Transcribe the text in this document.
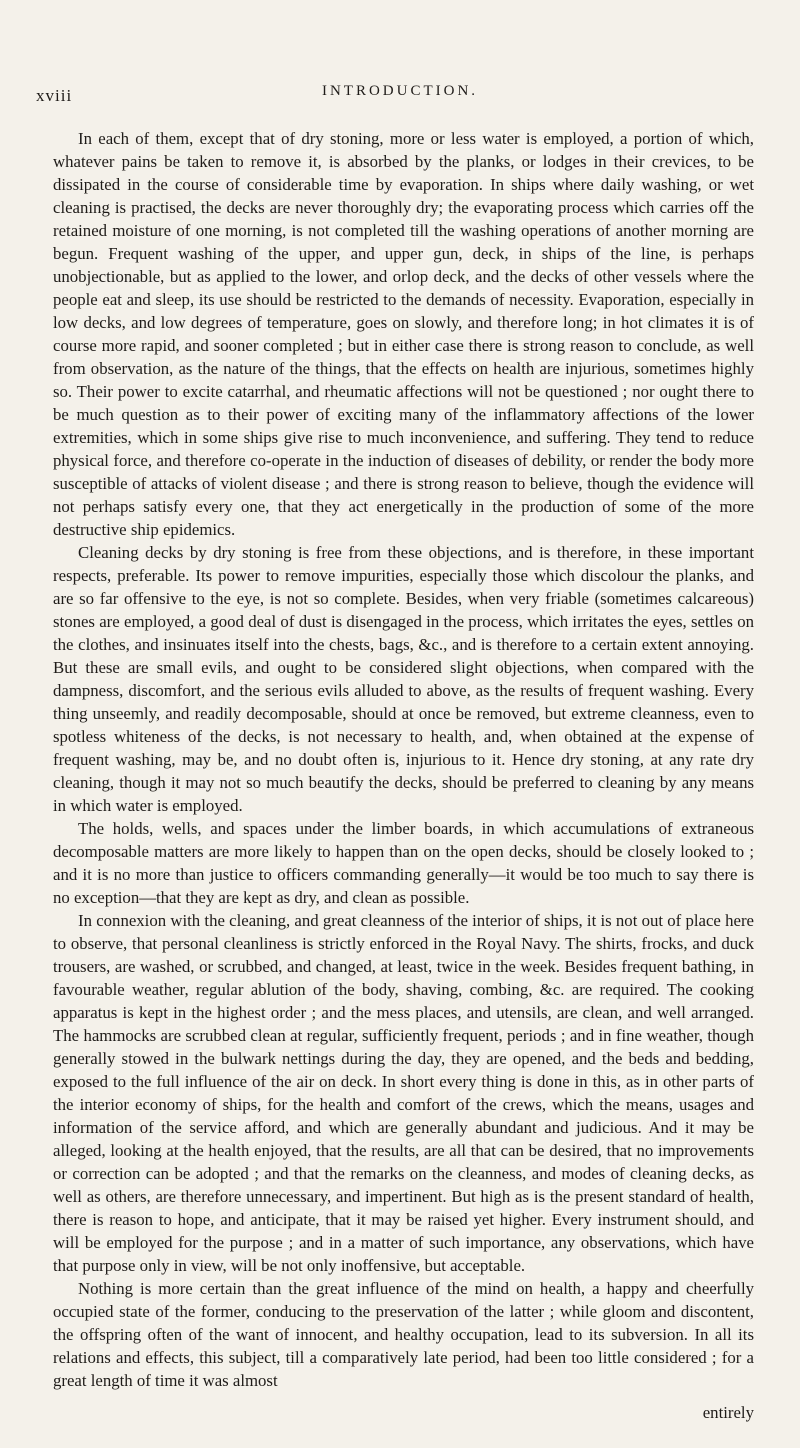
xviii	INTRODUCTION.

In each of them, except that of dry stoning, more or less water is employed, a portion of which, whatever pains be taken to remove it, is absorbed by the planks, or lodges in their crevices, to be dissipated in the course of considerable time by evaporation. In ships where daily washing, or wet cleaning is practised, the decks are never thoroughly dry; the evaporating process which carries off the retained moisture of one morning, is not completed till the washing operations of another morning are begun. Frequent washing of the upper, and upper gun, deck, in ships of the line, is perhaps unobjectionable, but as applied to the lower, and orlop deck, and the decks of other vessels where the people eat and sleep, its use should be restricted to the demands of necessity. Evaporation, especially in low decks, and low degrees of temperature, goes on slowly, and therefore long; in hot climates it is of course more rapid, and sooner completed ; but in either case there is strong reason to conclude, as well from observation, as the nature of the things, that the effects on health are injurious, sometimes highly so. Their power to excite catarrhal, and rheumatic affections will not be questioned ; nor ought there to be much question as to their power of exciting many of the inflammatory affections of the lower extremities, which in some ships give rise to much inconvenience, and suffering. They tend to reduce physical force, and therefore co-operate in the induction of diseases of debility, or render the body more susceptible of attacks of violent disease ; and there is strong reason to believe, though the evidence will not perhaps satisfy every one, that they act energetically in the production of some of the more destructive ship epidemics.

Cleaning decks by dry stoning is free from these objections, and is therefore, in these important respects, preferable. Its power to remove impurities, especially those which discolour the planks, and are so far offensive to the eye, is not so complete. Besides, when very friable (sometimes calcareous) stones are employed, a good deal of dust is disengaged in the process, which irritates the eyes, settles on the clothes, and insinuates itself into the chests, bags, &c., and is therefore to a certain extent annoying. But these are small evils, and ought to be considered slight objections, when compared with the dampness, discomfort, and the serious evils alluded to above, as the results of frequent washing. Every thing unseemly, and readily decomposable, should at once be removed, but extreme cleanness, even to spotless whiteness of the decks, is not necessary to health, and, when obtained at the expense of frequent washing, may be, and no doubt often is, injurious to it. Hence dry stoning, at any rate dry cleaning, though it may not so much beautify the decks, should be preferred to cleaning by any means in which water is employed.

The holds, wells, and spaces under the limber boards, in which accumulations of extraneous decomposable matters are more likely to happen than on the open decks, should be closely looked to ; and it is no more than justice to officers commanding generally—it would be too much to say there is no exception—that they are kept as dry, and clean as possible.

In connexion with the cleaning, and great cleanness of the interior of ships, it is not out of place here to observe, that personal cleanliness is strictly enforced in the Royal Navy. The shirts, frocks, and duck trousers, are washed, or scrubbed, and changed, at least, twice in the week. Besides frequent bathing, in favourable weather, regular ablution of the body, shaving, combing, &c. are required. The cooking apparatus is kept in the highest order ; and the mess places, and utensils, are clean, and well arranged. The hammocks are scrubbed clean at regular, sufficiently frequent, periods ; and in fine weather, though generally stowed in the bulwark nettings during the day, they are opened, and the beds and bedding, exposed to the full influence of the air on deck. In short every thing is done in this, as in other parts of the interior economy of ships, for the health and comfort of the crews, which the means, usages and information of the service afford, and which are generally abundant and judicious. And it may be alleged, looking at the health enjoyed, that the results, are all that can be desired, that no improvements or correction can be adopted ; and that the remarks on the cleanness, and modes of cleaning decks, as well as others, are therefore unnecessary, and impertinent. But high as is the present standard of health, there is reason to hope, and anticipate, that it may be raised yet higher. Every instrument should, and will be employed for the purpose ; and in a matter of such importance, any observations, which have that purpose only in view, will be not only inoffensive, but acceptable.

Nothing is more certain than the great influence of the mind on health, a happy and cheerfully occupied state of the former, conducing to the preservation of the latter ; while gloom and discontent, the offspring often of the want of innocent, and healthy occupation, lead to its subversion. In all its relations and effects, this subject, till a comparatively late period, had been too little considered ; for a great length of time it was almost

entirely
